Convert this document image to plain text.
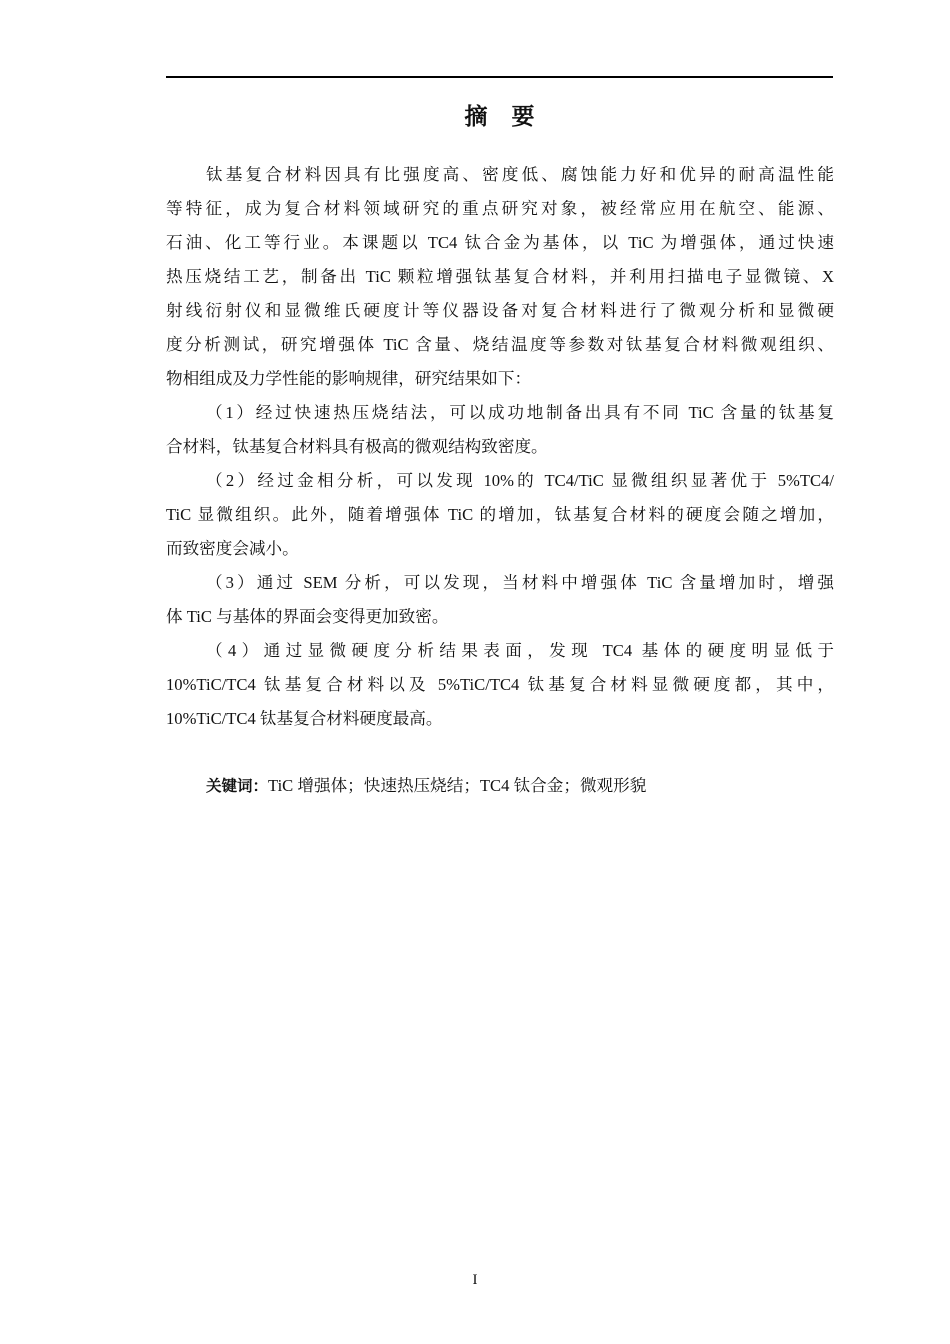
摘 要
钛基复合材料因具有比强度高、密度低、腐蚀能力好和优异的耐高温性能
等特征，成为复合材料领域研究的重点研究对象，被经常应用在航空、能源、
石油、化工等行业。本课题以 TC4 钛合金为基体，以 TiC 为增强体，通过快速
热压烧结工艺，制备出 TiC 颗粒增强钛基复合材料，并利用扫描电子显微镜、X
射线衍射仪和显微维氏硬度计等仪器设备对复合材料进行了微观分析和显微硬
度分析测试，研究增强体 TiC 含量、烧结温度等参数对钛基复合材料微观组织、
物相组成及力学性能的影响规律，研究结果如下：
（1）经过快速热压烧结法，可以成功地制备出具有不同 TiC 含量的钛基复
合材料，钛基复合材料具有极高的微观结构致密度。
（2）经过金相分析，可以发现 10%的 TC4/TiC 显微组织显著优于 5%TC4/
TiC 显微组织。此外，随着增强体 TiC 的增加，钛基复合材料的硬度会随之增加，
而致密度会减小。
（3）通过 SEM 分析，可以发现，当材料中增强体 TiC 含量增加时，增强
体 TiC 与基体的界面会变得更加致密。
（4）通过显微硬度分析结果表面，发现 TC4 基体的硬度明显低于
10%TiC/TC4 钛基复合材料以及 5%TiC/TC4 钛基复合材料显微硬度都，其中，
10%TiC/TC4 钛基复合材料硬度最高。
关键词：TiC 增强体；快速热压烧结；TC4 钛合金；微观形貌
I
